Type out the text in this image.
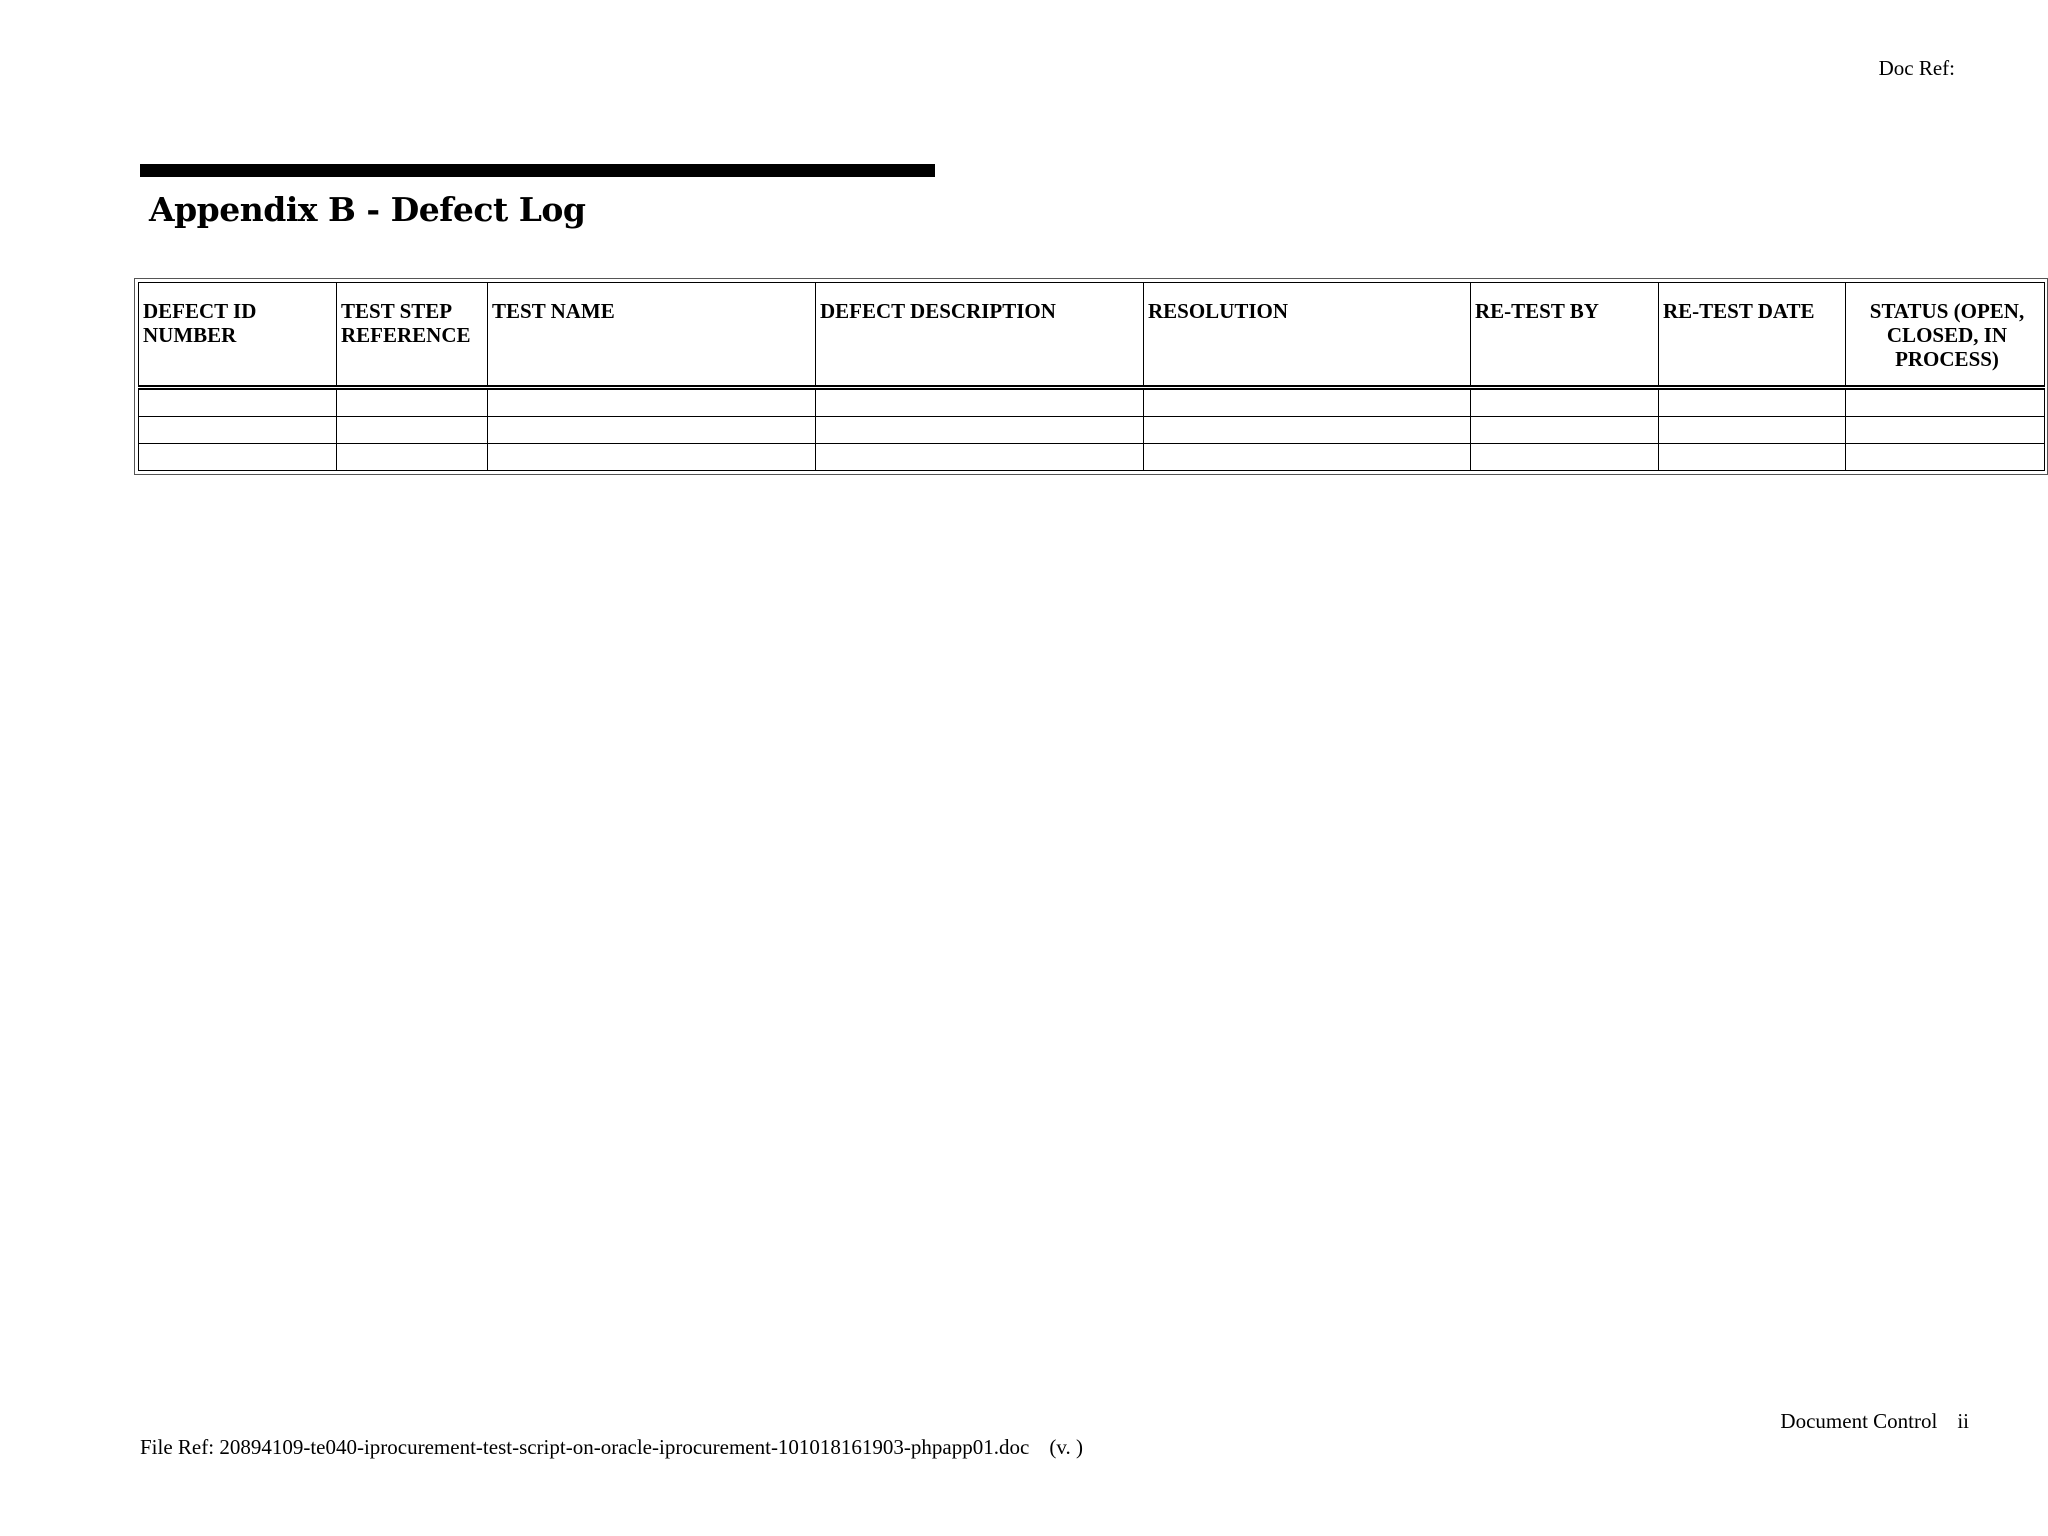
Doc Ref:
Appendix B - Defect Log
DEFECT ID NUMBER	TEST STEP REFERENCE	TEST NAME	DEFECT DESCRIPTION	RESOLUTION	RE-TEST BY	RE-TEST DATE	STATUS (OPEN, CLOSED, IN PROCESS)

Document Control ii
File Ref: 20894109-te040-iprocurement-test-script-on-oracle-iprocurement-101018161903-phpapp01.doc (v. )
